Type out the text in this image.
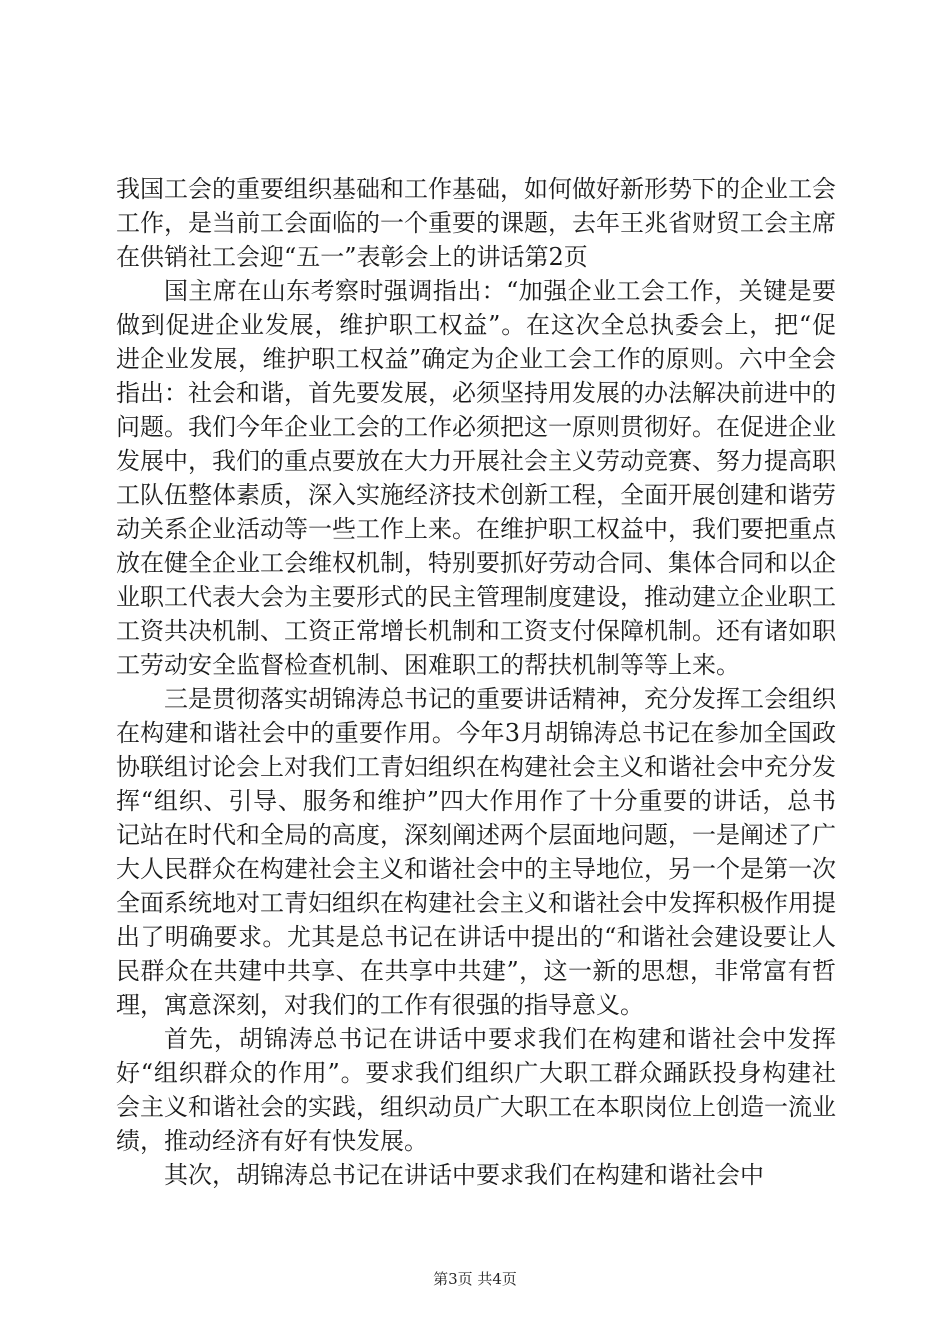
我国工会的重要组织基础和工作基础，如何做好新形势下的企业工会工作，是当前工会面临的一个重要的课题，去年王兆省财贸工会主席在供销社工会迎“五一”表彰会上的讲话第2页

国主席在山东考察时强调指出：“加强企业工会工作，关键是要做到促进企业发展，维护职工权益”。在这次全总执委会上，把“促进企业发展，维护职工权益”确定为企业工会工作的原则。六中全会指出：社会和谐，首先要发展，必须坚持用发展的办法解决前进中的问题。我们今年企业工会的工作必须把这一原则贯彻好。在促进企业发展中，我们的重点要放在大力开展社会主义劳动竞赛、努力提高职工队伍整体素质，深入实施经济技术创新工程，全面开展创建和谐劳动关系企业活动等一些工作上来。在维护职工权益中，我们要把重点放在健全企业工会维权机制，特别要抓好劳动合同、集体合同和以企业职工代表大会为主要形式的民主管理制度建设，推动建立企业职工工资共决机制、工资正常增长机制和工资支付保障机制。还有诸如职工劳动安全监督检查机制、困难职工的帮扶机制等等上来。

三是贯彻落实胡锦涛总书记的重要讲话精神，充分发挥工会组织在构建和谐社会中的重要作用。今年3月胡锦涛总书记在参加全国政协联组讨论会上对我们工青妇组织在构建社会主义和谐社会中充分发挥“组织、引导、服务和维护”四大作用作了十分重要的讲话，总书记站在时代和全局的高度，深刻阐述两个层面地问题，一是阐述了广大人民群众在构建社会主义和谐社会中的主导地位，另一个是第一次全面系统地对工青妇组织在构建社会主义和谐社会中发挥积极作用提出了明确要求。尤其是总书记在讲话中提出的“和谐社会建设要让人民群众在共建中共享、在共享中共建”，这一新的思想，非常富有哲理，寓意深刻，对我们的工作有很强的指导意义。

首先，胡锦涛总书记在讲话中要求我们在构建和谐社会中发挥好“组织群众的作用”。要求我们组织广大职工群众踊跃投身构建社会主义和谐社会的实践，组织动员广大职工在本职岗位上创造一流业绩，推动经济有好有快发展。

其次，胡锦涛总书记在讲话中要求我们在构建和谐社会中

第3页 共4页
